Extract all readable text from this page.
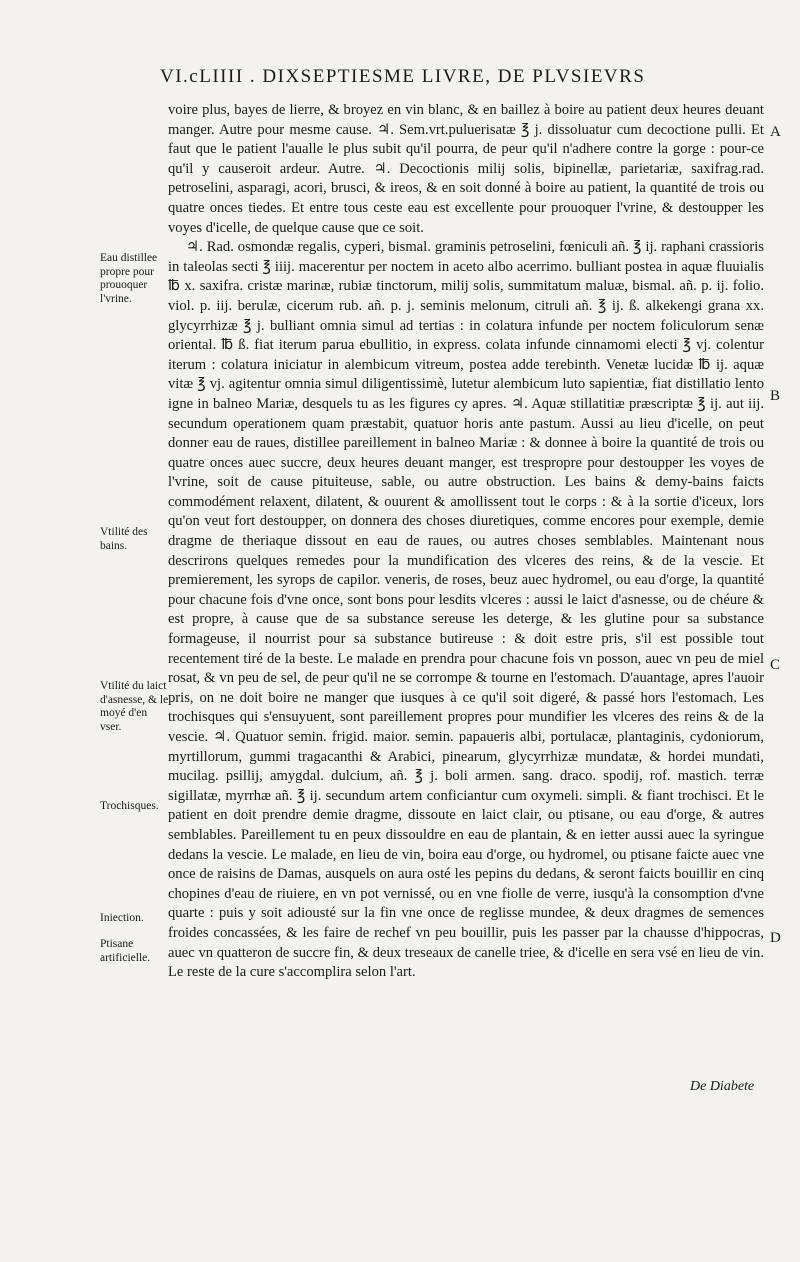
VI.cLIIII . DIXSEPTIESME LIVRE, DE PLVSIEVRS

voire plus, bayes de lierre, & broyez en vin blanc, & en baillez à boire au patient deux heures deuant manger. Autre pour mesme cause. ♃. Sem.vrt.puluerisatæ ℥ j. dissoluatur cum decoctione pulli. Et faut que le patient l'aualle le plus subit qu'il pourra, de peur qu'il n'adhere contre la gorge : pour-ce qu'il y causeroit ardeur. Autre. ♃. Decoctionis milij solis, bipinellæ, parietariæ, saxifrag.rad. petroselini, asparagi, acori, brusci, & ireos, & en soit donné à boire au patient, la quantité de trois ou quatre onces tiedes. Et entre tous ceste eau est excellente pour prouoquer l'vrine, & destoupper les voyes d'icelle, de quelque cause que ce soit.

♃. Rad. osmondæ regalis, cyperi, bismal. graminis petroselini, fœniculi añ. ℥ ij. raphani crassioris in taleolas secti ℥ iiij. macerentur per noctem in aceto albo acerrimo. bulliant postea in aquæ fluuialis ℔ x. saxifra. cristæ marinæ, rubiæ tinctorum, milij solis, summitatum maluæ, bismal. añ. p. ij. folio. viol. p. iij. berulæ, cicerum rub. añ. p. j. seminis melonum, citruli añ. ℥ ij. ß. alkekengi grana xx. glycyrrhizæ ℥ j. bulliant omnia simul ad tertias : in colatura infunde per noctem foliculorum senæ oriental. ℔ ß. fiat iterum parua ebullitio, in express. colata infunde cinnamomi electi ℥ vj. colentur iterum : colatura iniciatur in alembicum vitreum, postea adde terebinth. Venetæ lucidæ ℔ ij. aquæ vitæ ℥ vj. agitentur omnia simul diligentissimè, lutetur alembicum luto sapientiæ, fiat distillatio lento igne in balneo Mariæ, desquels tu as les figures cy apres. ♃. Aquæ stillatitiæ præscriptæ ℥ ij. aut iij. secundum operationem quam præstabit, quatuor horis ante pastum. Aussi au lieu d'icelle, on peut donner eau de raues, distillee pareillement in balneo Mariæ : & donnee à boire la quantité de trois ou quatre onces auec succre, deux heures deuant manger, est trespropre pour destoupper les voyes de l'vrine, soit de cause pituiteuse, sable, ou autre obstruction. Les bains & demy-bains faicts commodément relaxent, dilatent, & ouurent & amollissent tout le corps : & à la sortie d'iceux, lors qu'on veut fort destoupper, on donnera des choses diuretiques, comme encores pour exemple, demie dragme de theriaque dissout en eau de raues, ou autres choses semblables. Maintenant nous descrirons quelques remedes pour la mundification des vlceres des reins, & de la vescie. Et premierement, les syrops de capilor. veneris, de roses, beuz auec hydromel, ou eau d'orge, la quantité pour chacune fois d'vne once, sont bons pour lesdits vlceres : aussi le laict d'asnesse, ou de chéure & est propre, à cause que de sa substance sereuse les deterge, & les glutine pour sa substance formageuse, il nourrist pour sa substance butireuse : & doit estre pris, s'il est possible tout recentement tiré de la beste. Le malade en prendra pour chacune fois vn posson, auec vn peu de miel rosat, & vn peu de sel, de peur qu'il ne se corrompe & tourne en l'estomach. D'auantage, apres l'auoir pris, on ne doit boire ne manger que iusques à ce qu'il soit digeré, & passé hors l'estomach. Les trochisques qui s'ensuyuent, sont pareillement propres pour mundifier les vlceres des reins & de la vescie. ♃. Quatuor semin. frigid. maior. semin. papaueris albi, portulacæ, plantaginis, cydoniorum, myrtillorum, gummi tragacanthi & Arabici, pinearum, glycyrrhizæ mundatæ, & hordei mundati, mucilag. psillij, amygdal. dulcium, añ. ℥ j. boli armen. sang. draco. spodij, rof. mastich. terræ sigillatæ, myrrhæ añ. ℥ ij. secundum artem conficiantur cum oxymeli. simpli. & fiant trochisci. Et le patient en doit prendre demie dragme, dissoute en laict clair, ou ptisane, ou eau d'orge, & autres semblables. Pareillement tu en peux dissouldre en eau de plantain, & en ietter aussi auec la syringue dedans la vescie. Le malade, en lieu de vin, boira eau d'orge, ou hydromel, ou ptisane faicte auec vne once de raisins de Damas, ausquels on aura osté les pepins du dedans, & seront faicts bouillir en cinq chopines d'eau de riuiere, en vn pot vernissé, ou en vne fiolle de verre, iusqu'à la consomption d'vne quarte : puis y soit adiousté sur la fin vne once de reglisse mundee, & deux dragmes de semences froides concassées, & les faire de rechef vn peu bouillir, puis les passer par la chausse d'hippocras, auec vn quatteron de succre fin, & deux treseaux de canelle triee, & d'icelle en sera vsé en lieu de vin. Le reste de la cure s'accomplira selon l'art.

Eau distillee propre pour prouoquer l'vrine.
Vtilité des bains.
Vtilité du laict d'asnesse, & le moyé d'en vser.
Trochisques.
Iniection.
Ptisane artificielle.
A
B
C
D
De Diabete
